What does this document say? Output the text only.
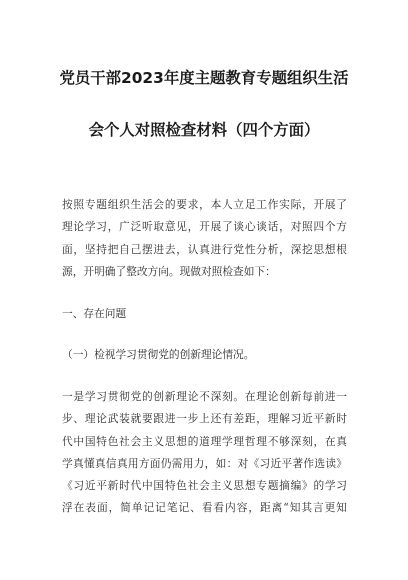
党员干部2023年度主题教育专题组织生活
会个人对照检查材料（四个方面）
按照专题组织生活会的要求，本人立足工作实际，开展了
理论学习，广泛听取意见，开展了谈心谈话，对照四个方
面，坚持把自己摆进去，认真进行党性分析，深挖思想根
源，开明确了整改方向。现做对照检查如下：
一、存在问题
（一）检视学习贯彻党的创新理论情况。
一是学习贯彻党的创新理论不深刻。在理论创新每前进一
步、理论武装就要跟进一步上还有差距，理解习近平新时
代中国特色社会主义思想的道理学理哲理不够深刻，在真
学真懂真信真用方面仍需用力，如：对《习近平著作选读》
《习近平新时代中国特色社会主义思想专题摘编》的学习
浮在表面，简单记记笔记、看看内容，距离“知其言更知
